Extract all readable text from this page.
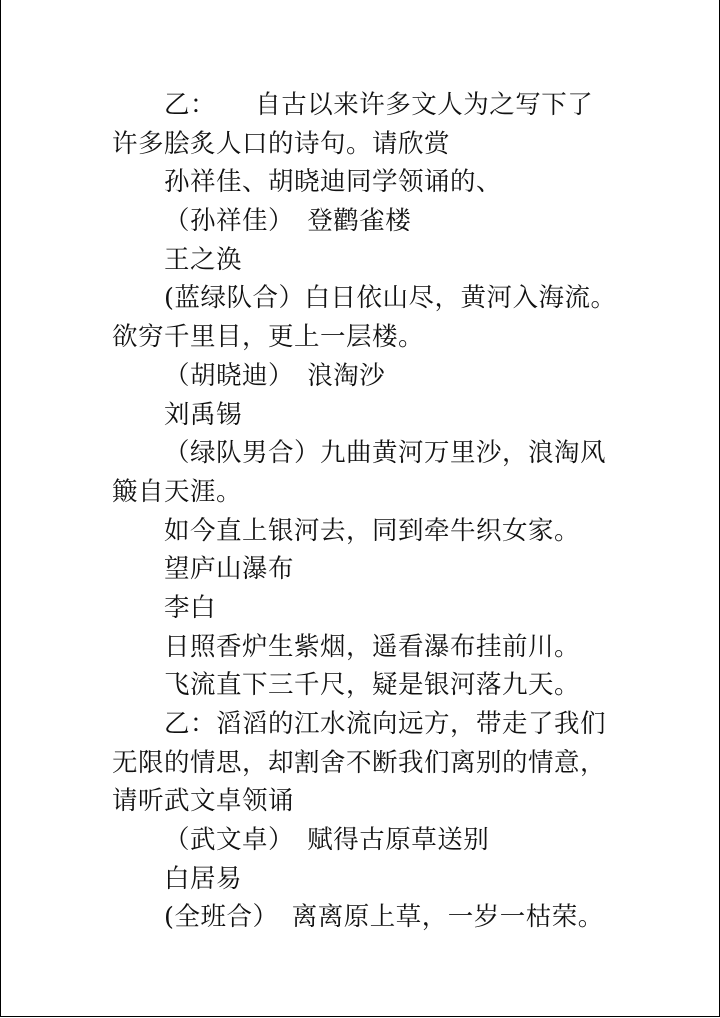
乙：　　自古以来许多文人为之写下了
许多脍炙人口的诗句。请欣赏
孙祥佳、胡晓迪同学领诵的、
（孙祥佳）　登鹳雀楼
王之涣
(蓝绿队合）白日依山尽，黄河入海流。
欲穷千里目，更上一层楼。
（胡晓迪）　浪淘沙
刘禹锡
（绿队男合）九曲黄河万里沙，浪淘风
簸自天涯。
如今直上银河去，同到牵牛织女家。
望庐山瀑布
李白
日照香炉生紫烟，遥看瀑布挂前川。
飞流直下三千尺，疑是银河落九天。
乙：滔滔的江水流向远方，带走了我们
无限的情思，却割舍不断我们离别的情意，
请听武文卓领诵
（武文卓）　赋得古原草送别
白居易
(全班合）　离离原上草，一岁一枯荣。
